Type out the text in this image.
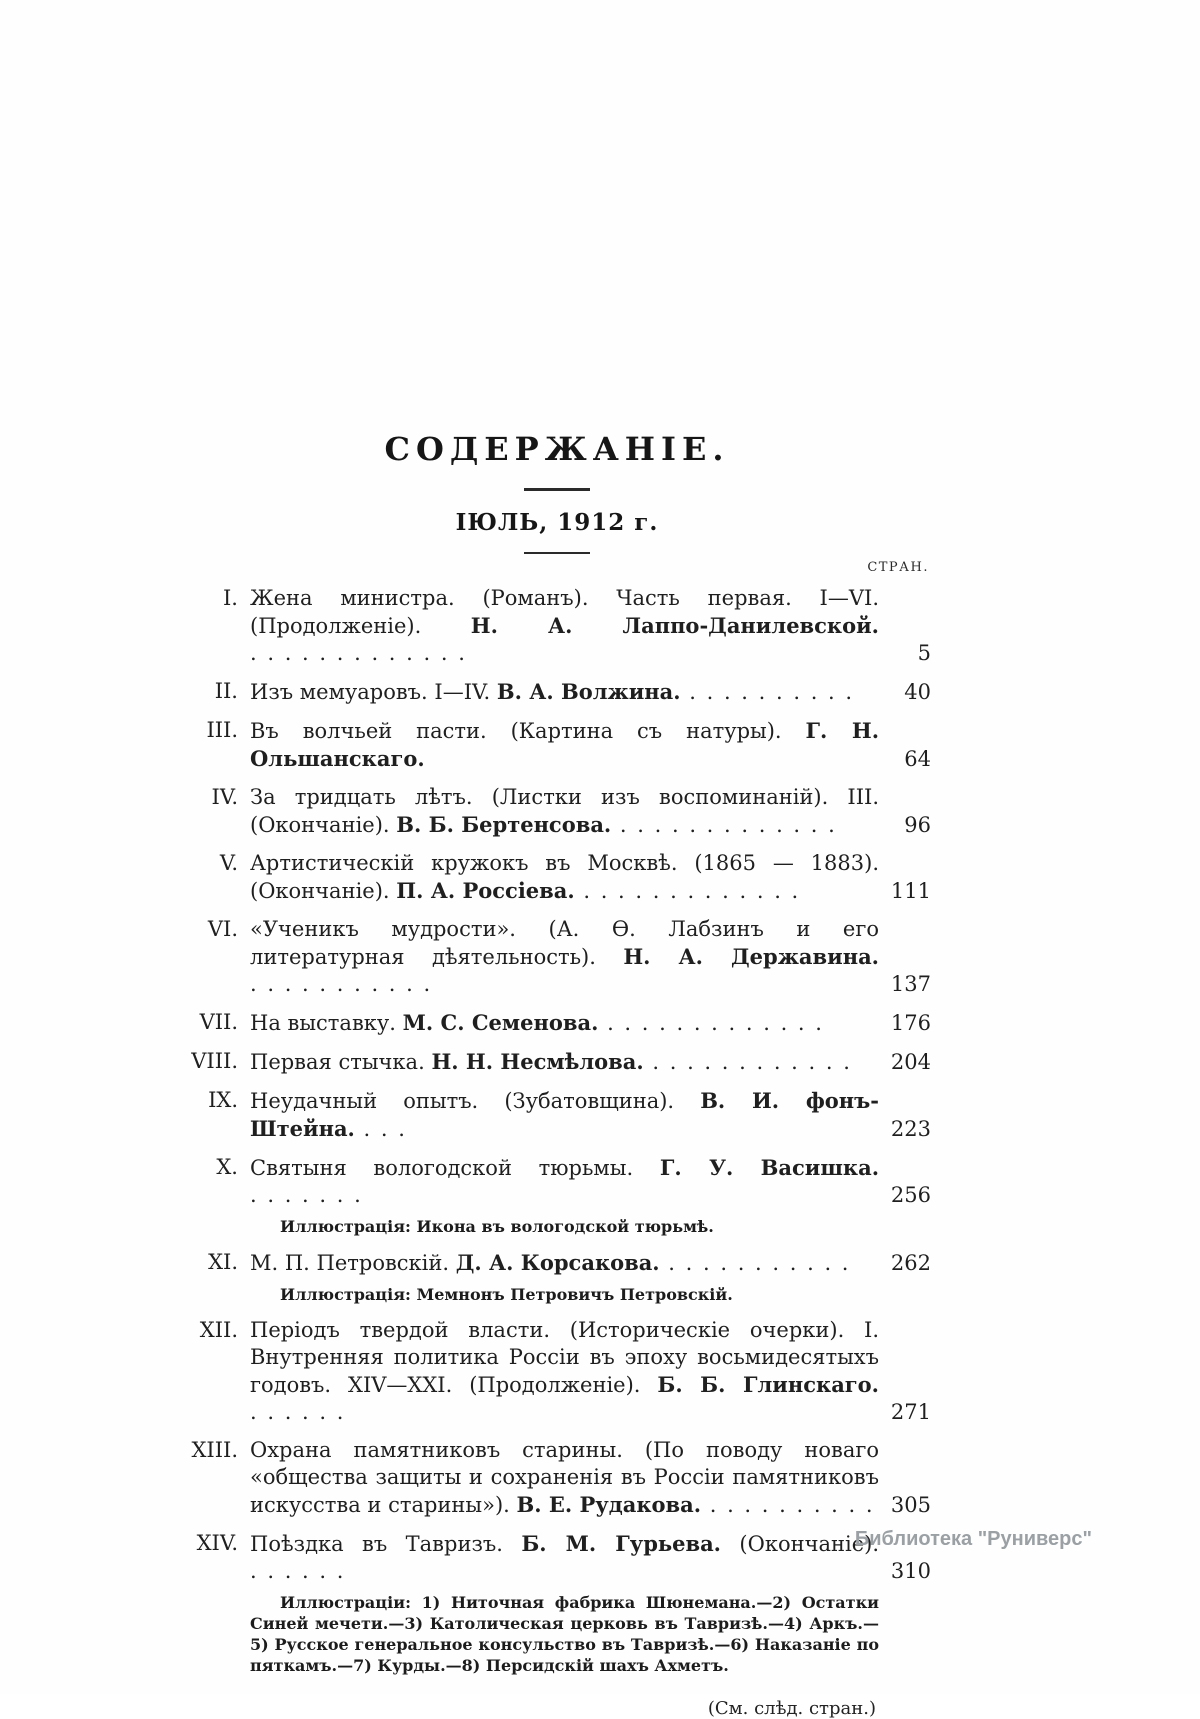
СОДЕРЖАНІЕ.
ІЮЛЬ, 1912 г.
СТРАН.
I.	Жена министра. (Романъ). Часть первая. I—VI. (Продолженіе). Н. А. Лаппо-Данилевской. . . . . . . . . . . . . .	5
II.	Изъ мемуаровъ. I—IV. В. А. Волжина. . . . . . . . . . .	40
III.	Въ волчьей пасти. (Картина съ натуры). Г. Н. Ольшанскаго.	64
IV.	За тридцать лѣтъ. (Листки изъ воспоминаній). III. (Окончаніе). В. Б. Бертенсова. . . . . . . . . . . . . .	96
V.	Артистическій кружокъ въ Москвѣ. (1865 — 1883). (Окончаніе). П. А. Россіева. . . . . . . . . . . . . .	111
VI.	«Ученикъ мудрости». (А. Ѳ. Лабзинъ и его литературная дѣятельность). Н. А. Державина. . . . . . . . . . . .	137
VII.	На выставку. М. С. Семенова. . . . . . . . . . . . . .	176
VIII.	Первая стычка. Н. Н. Несмѣлова. . . . . . . . . . . . .	204
IX.	Неудачный опытъ. (Зубатовщина). В. И. фонъ-Штейна. . . .	223
X.	Святыня вологодской тюрьмы. Г. У. Васишка. . . . . . . .	256
Иллюстрація: Икона въ вологодской тюрьмѣ.
XI.	М. П. Петровскій. Д. А. Корсакова. . . . . . . . . . . .	262
Иллюстрація: Мемнонъ Петровичъ Петровскій.
XII.	Періодъ твердой власти. (Историческіе очерки). I. Внутренняя политика Россіи въ эпоху восьмидесятыхъ годовъ. XIV—XXI. (Продолженіе). Б. Б. Глинскаго. . . . . . .	271
XIII.	Охрана памятниковъ старины. (По поводу новаго «общества защиты и сохраненія въ Россіи памятниковъ искусства и старины»). В. Е. Рудакова. . . . . . . . . . .	305
XIV.	Поѣздка въ Тавризъ. Б. М. Гурьева. (Окончаніе). . . . . . .	310
Иллюстраціи: 1) Ниточная фабрика Шюнемана.—2) Остатки Синей мечети.—3) Католическая церковь въ Тавризѣ.—4) Аркъ.—5) Русское генеральное консульство въ Тавризѣ.—6) Наказаніе по пяткамъ.—7) Курды.—8) Персидскій шахъ Ахметъ.
(См. слѣд. стран.)
Библиотека "Руниверс"
